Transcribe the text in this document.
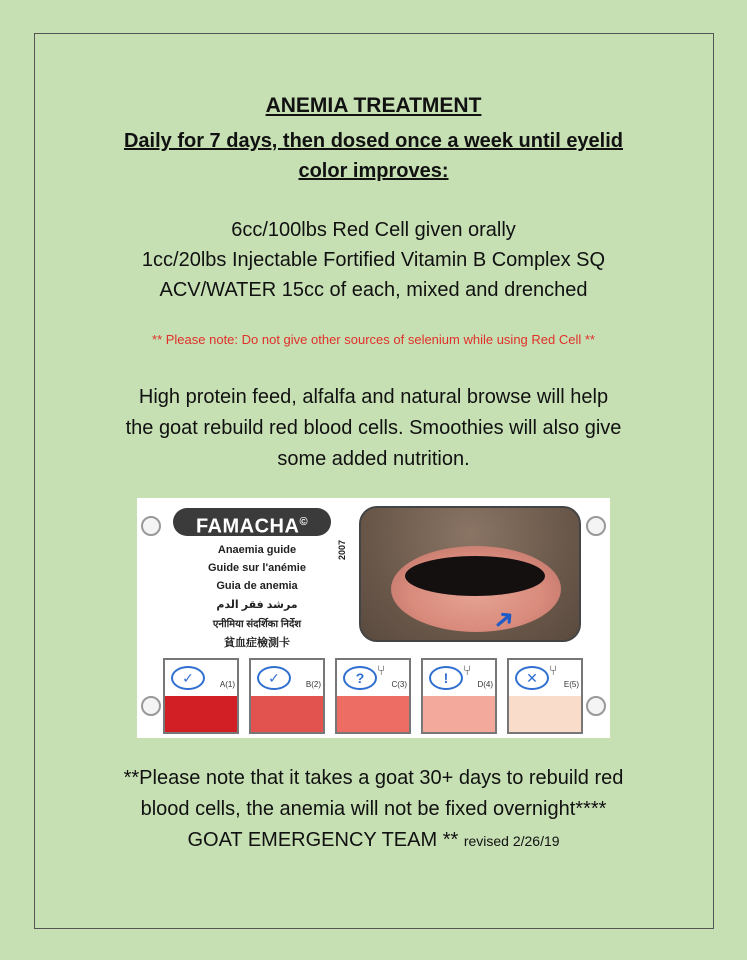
ANEMIA TREATMENT
Daily for 7 days, then dosed once a week until eyelid
color improves:
6cc/100lbs Red Cell given orally
1cc/20lbs Injectable Fortified Vitamin B Complex SQ
ACV/WATER 15cc of each, mixed and drenched
** Please note: Do not give other sources of selenium while using Red Cell **
High protein feed, alfalfa and natural browse will help
the goat rebuild red blood cells. Smoothies will also give
some added nutrition.
FAMACHA©
2007
Anaemia guide
Guide sur l'anémie
Guia de anemia
مرشد فقر الدم
एनीमिया संदर्शिका निर्देश
貧血症檢測卡
➜
✓	A(1)	✓	B(2)	? ⑂
C(3)	!	⑂
D(4)	✕ ⑂
E(5)
**Please note that it takes a goat 30+ days to rebuild red
blood cells, the anemia will not be fixed overnight****
GOAT EMERGENCY TEAM ** revised 2/26/19
